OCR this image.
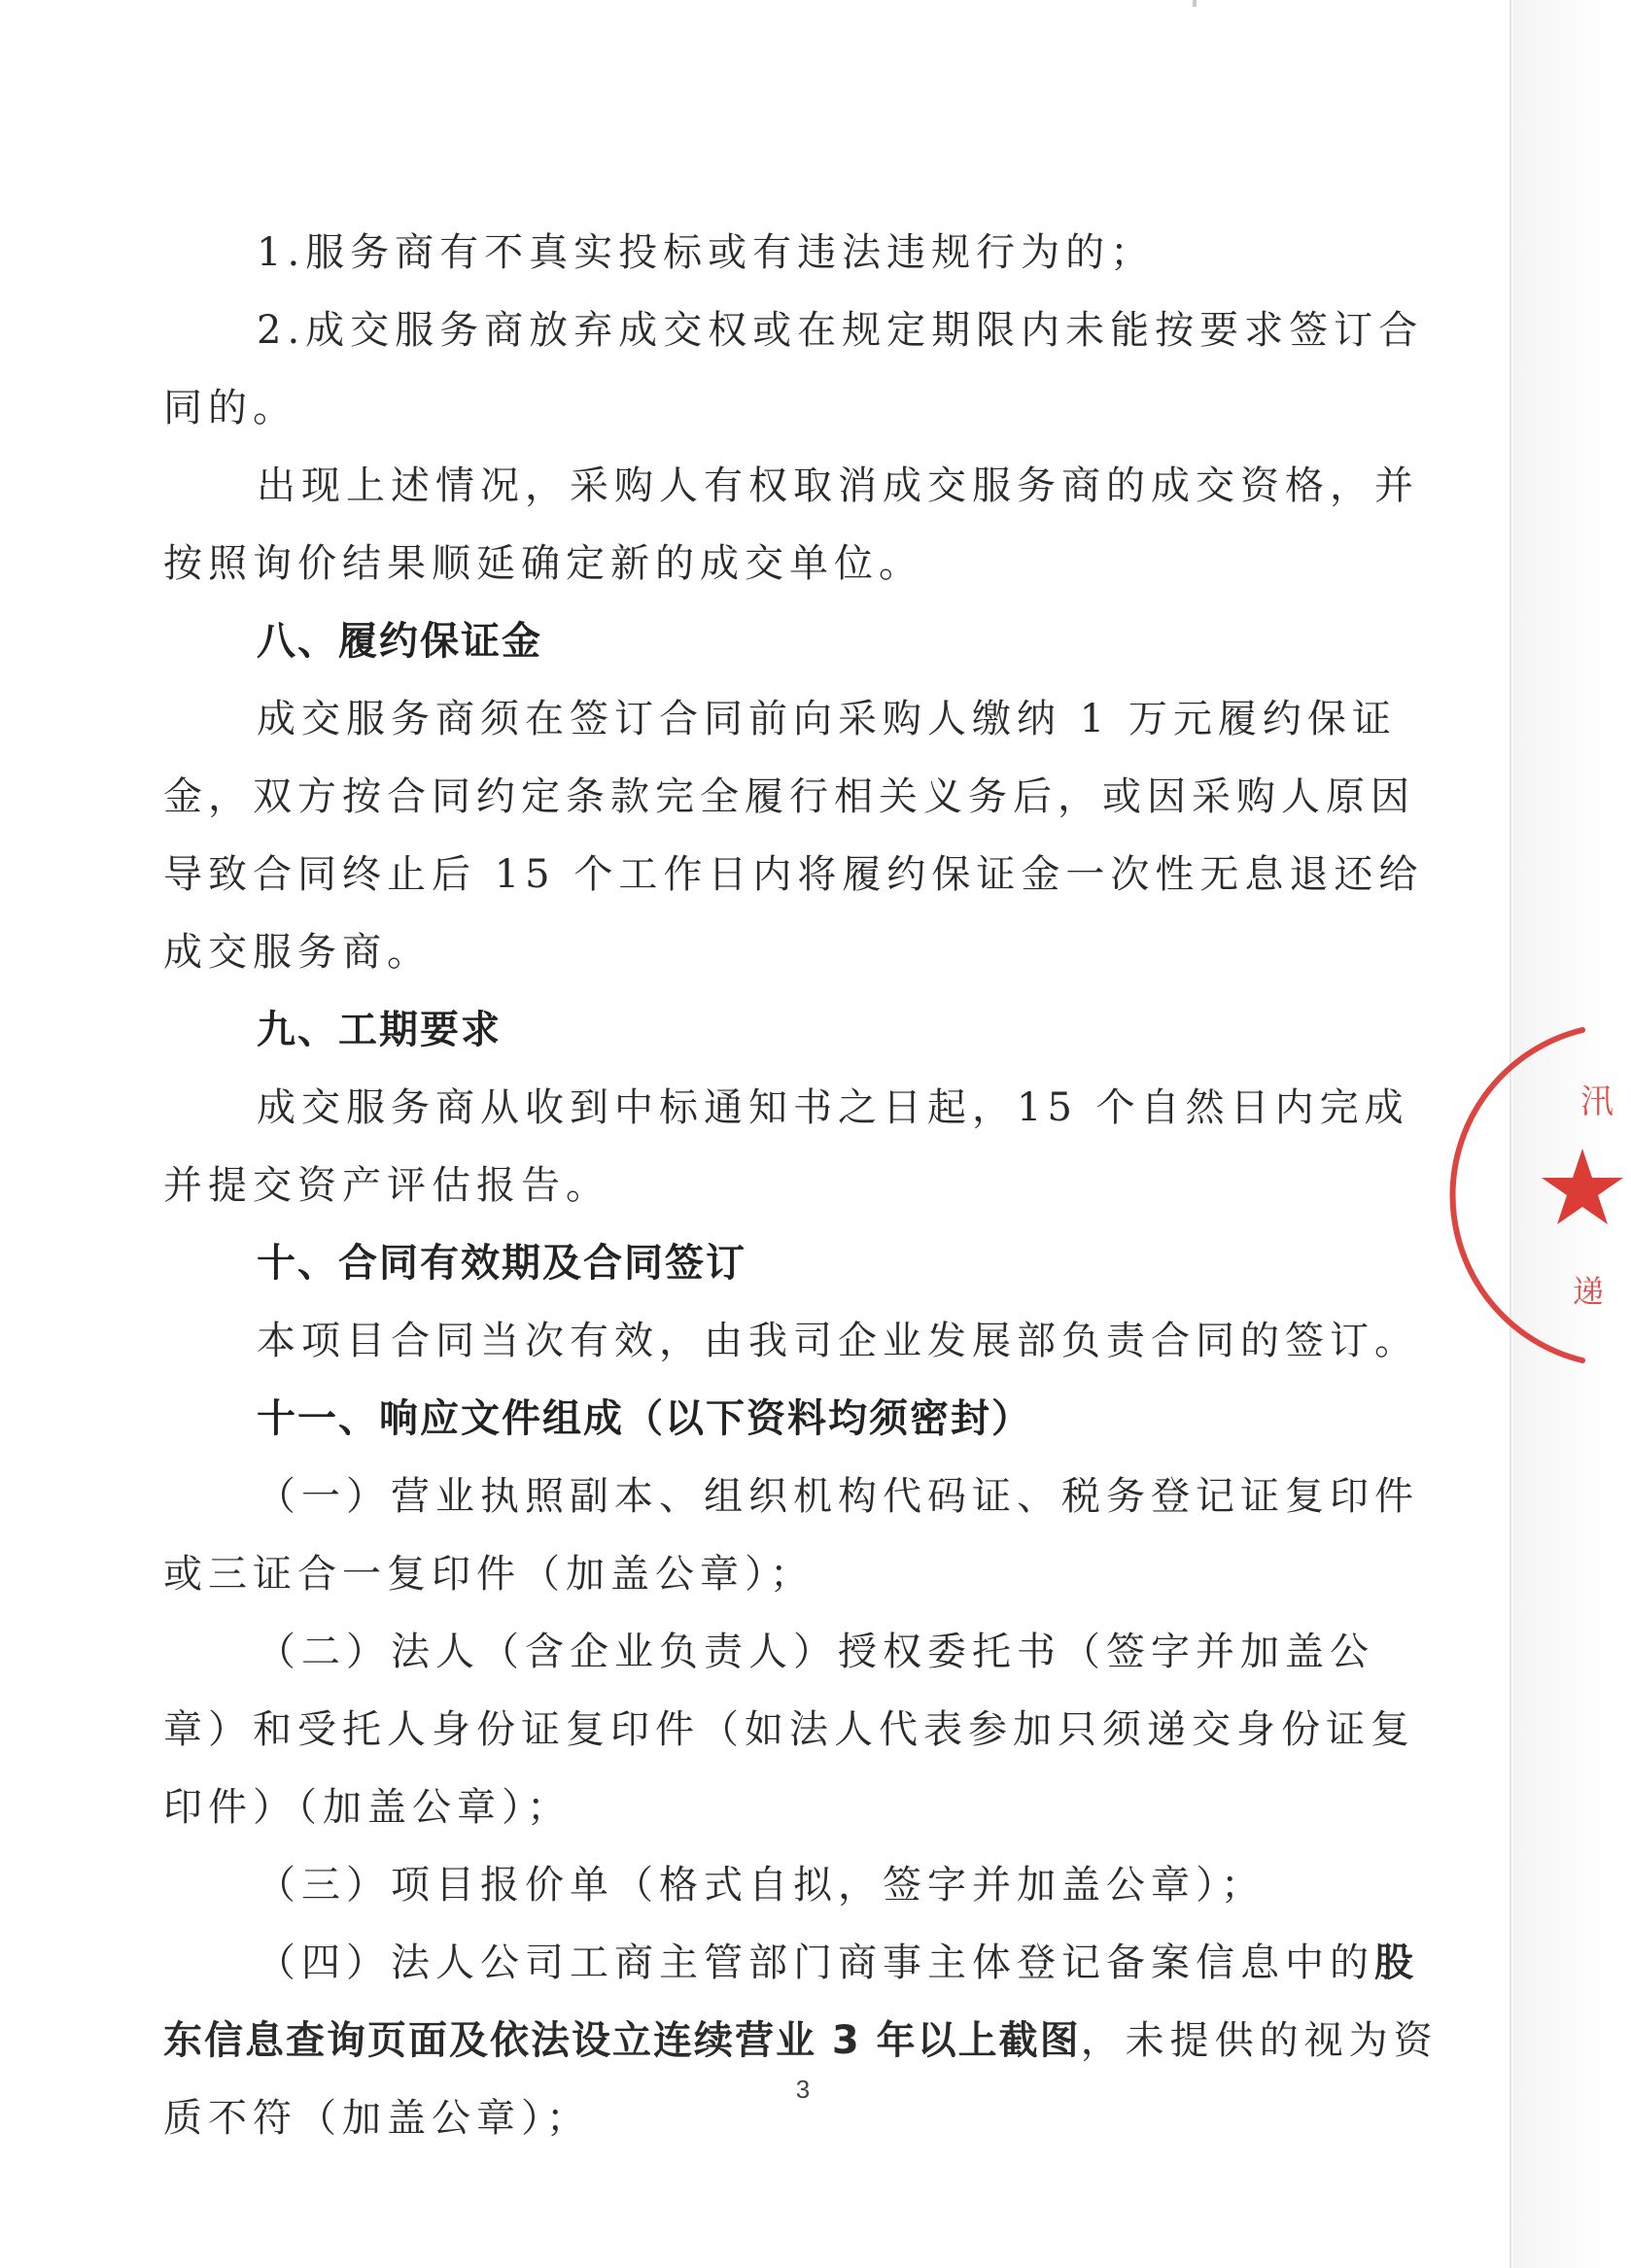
1.服务商有不真实投标或有违法违规行为的；

2.成交服务商放弃成交权或在规定期限内未能按要求签订合同的。

出现上述情况，采购人有权取消成交服务商的成交资格，并按照询价结果顺延确定新的成交单位。

八、履约保证金

成交服务商须在签订合同前向采购人缴纳 1 万元履约保证金，双方按合同约定条款完全履行相关义务后，或因采购人原因导致合同终止后 15 个工作日内将履约保证金一次性无息退还给成交服务商。

九、工期要求

成交服务商从收到中标通知书之日起，15 个自然日内完成并提交资产评估报告。

十、合同有效期及合同签订

本项目合同当次有效，由我司企业发展部负责合同的签订。

十一、响应文件组成（以下资料均须密封）

（一）营业执照副本、组织机构代码证、税务登记证复印件或三证合一复印件（加盖公章）；

（二）法人（含企业负责人）授权委托书（签字并加盖公章）和受托人身份证复印件（如法人代表参加只须递交身份证复印件）（加盖公章）；

（三）项目报价单（格式自拟，签字并加盖公章）；

（四）法人公司工商主管部门商事主体登记备案信息中的股东信息查询页面及依法设立连续营业 3 年以上截图，未提供的视为资质不符（加盖公章）；

3
汛
递
